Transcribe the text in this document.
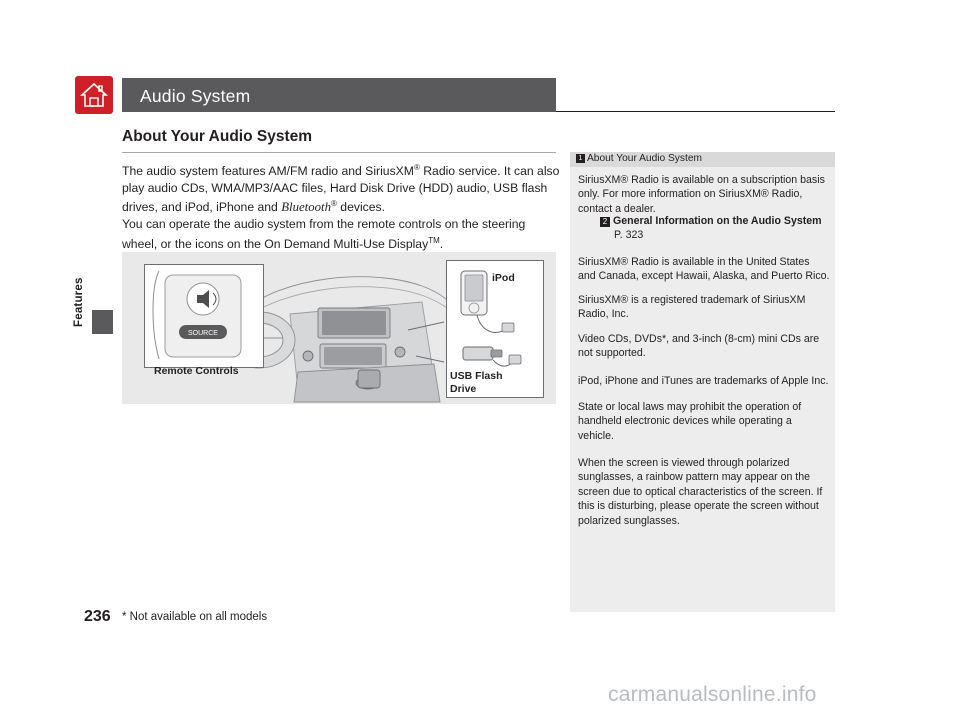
Audio System
Features
About Your Audio System
The audio system features AM/FM radio and SiriusXM® Radio service. It can also play audio CDs, WMA/MP3/AAC files, Hard Disk Drive (HDD) audio, USB flash drives, and iPod, iPhone and Bluetooth® devices.
You can operate the audio system from the remote controls on the steering wheel, or the icons on the On Demand Multi-Use Display™.
SOURCE
Remote Controls
iPod
USB Flash
Drive
1 About Your Audio System
SiriusXM® Radio is available on a subscription basis only. For more information on SiriusXM® Radio, contact a dealer.
2 General Information on the Audio System
P. 323
SiriusXM® Radio is available in the United States and Canada, except Hawaii, Alaska, and Puerto Rico.
SiriusXM® is a registered trademark of SiriusXM Radio, Inc.
Video CDs, DVDs*, and 3-inch (8-cm) mini CDs are not supported.
iPod, iPhone and iTunes are trademarks of Apple Inc.
State or local laws may prohibit the operation of handheld electronic devices while operating a vehicle.
When the screen is viewed through polarized sunglasses, a rainbow pattern may appear on the screen due to optical characteristics of the screen. If this is disturbing, please operate the screen without polarized sunglasses.
236 * Not available on all models
carmanualsonline.info
